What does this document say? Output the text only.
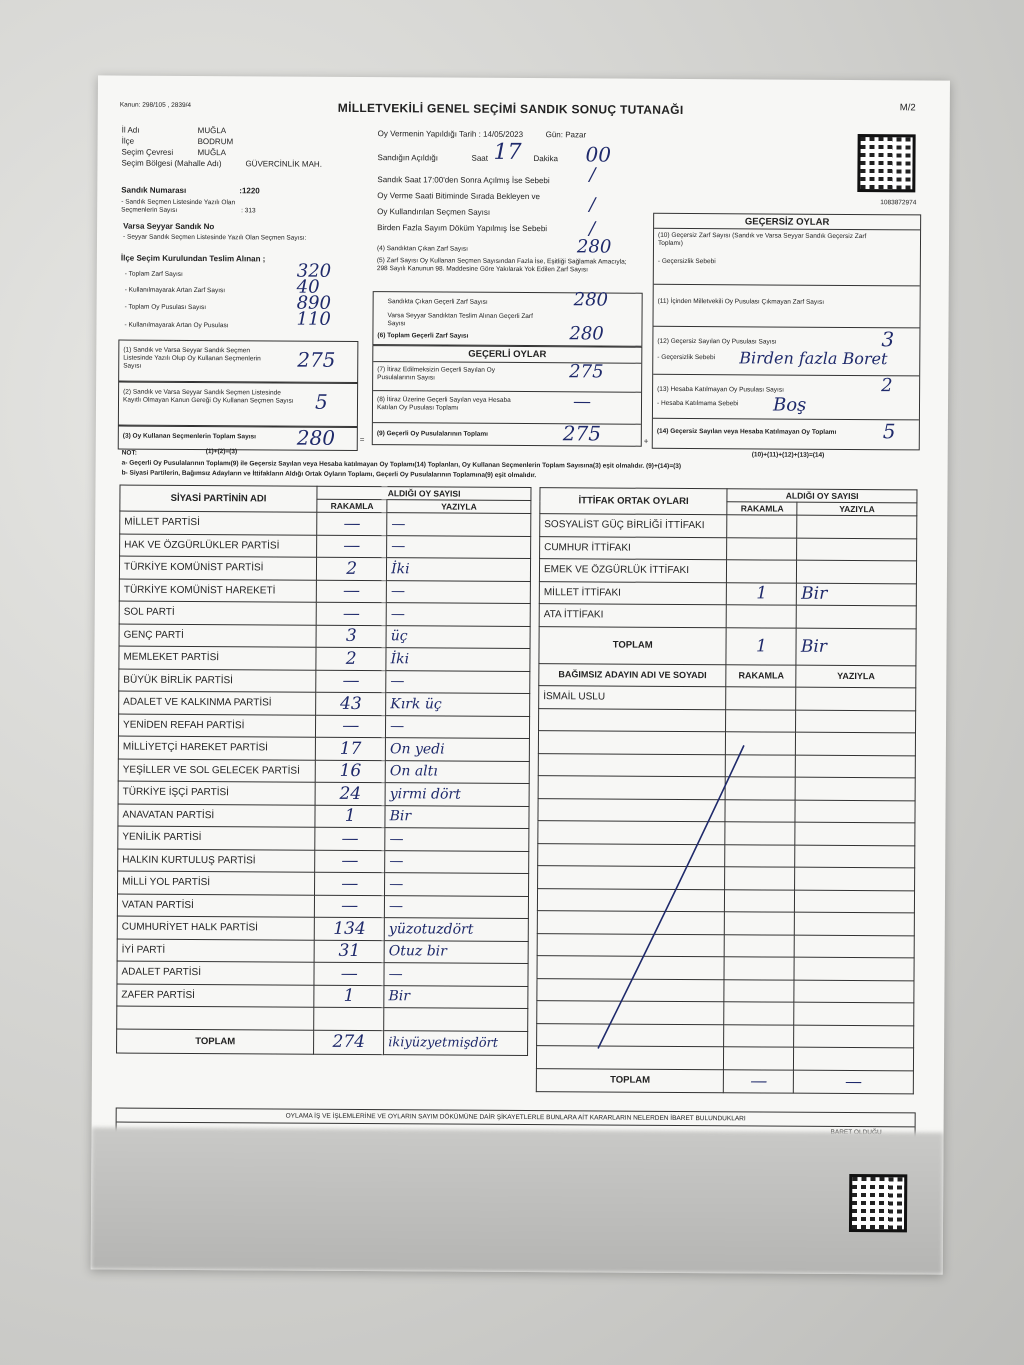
Kanun: 298/105 , 2839/4	MİLLETVEKİLİ GENEL SEÇİMİ SANDIK SONUÇ TUTANAĞI	M/2
1083872974
İl Adı	MUĞLA
İlçe	BODRUM
Seçim Çevresi	MUĞLA
Seçim Bölgesi (Mahalle Adı)	GÜVERCİNLİK MAH.
Sandık Numarası	:1220
- Sandık Seçmen Listesinde Yazılı Olan Seçmenlerin Sayısı	: 313
Varsa Seyyar Sandık No
- Seyyar Sandık Seçmen Listesinde Yazılı Olan Seçmen Sayısı:
Oy Vermenin Yapıldığı Tarih : 14/05/2023	Gün: Pazar
Sandığın Açıldığı	Saat 17 Dakika 00
Sandık Saat 17:00'den Sonra Açılmış İse Sebebi /
Oy Verme Saati Bitiminde Sırada Bekleyen ve
Oy Kullandırılan Seçmen Sayısı	/
Birden Fazla Sayım Döküm Yapılmış İse Sebebi /
İlçe Seçim Kurulundan Teslim Alınan ;
- Toplam Zarf Sayısı	320
- Kullanılmayarak Artan Zarf Sayısı	40
- Toplam Oy Pusulası Sayısı	890
- Kullanılmayarak Artan Oy Pusulası	110
(1) Sandık ve Varsa Seyyar Sandık Seçmen Listesinde Yazılı Olup Oy Kullanan Seçmenlerin Sayısı	275
(2) Sandık ve Varsa Seyyar Sandık Seçmen Listesinde Kayıtlı Olmayan Kanun Gereği Oy Kullanan Seçmen Sayısı 5
(3) Oy Kullanan Seçmenlerin Toplam Sayısı 280	=
NOT:	(1)+(2)=(3)
(4) Sandıktan Çıkan Zarf Sayısı	280
(5) Zarf Sayısı Oy Kullanan Seçmen Sayısından Fazla İse, Eşitliği Sağlamak Amacıyla; 298 Sayılı Kanunun 98. Maddesine Göre Yakılarak Yok Edilen Zarf Sayısı
Sandıkta Çıkan Geçerli Zarf Sayısı	280
Varsa Seyyar Sandıktan Teslim Alınan Geçerli Zarf Sayısı
(6) Toplam Geçerli Zarf Sayısı	280
GEÇERLİ OYLAR
(7) İtiraz Edilmeksizin Geçerli Sayılan Oy Pusulalarının Sayısı	275
(8) İtiraz Üzerine Geçerli Sayılan veya Hesaba Katılan Oy Pusulası Toplamı	—
(9) Geçerli Oy Pusulalarının Toplamı	275	+
GEÇERSİZ OYLAR
(10) Geçersiz Zarf Sayısı (Sandık ve Varsa Seyyar Sandık Geçersiz Zarf Toplamı)
- Geçersizlik Sebebi
(11) İçinden Milletvekili Oy Pusulası Çıkmayan Zarf Sayısı
(12) Geçersiz Sayılan Oy Pusulası Sayısı	3
- Geçersizlik Sebebi Birden fazla Boret
(13) Hesaba Katılmayan Oy Pusulası Sayısı	2
- Hesaba Katılmama Sebebi Boş
(14) Geçersiz Sayılan veya Hesaba Katılmayan Oy Toplamı 5
(10)+(11)+(12)+(13)=(14)
a- Geçerli Oy Pusulalarının Toplamı(9) ile Geçersiz Sayılan veya Hesaba katılmayan Oy Toplamı(14) Toplanları, Oy Kullanan Seçmenlerin Toplam Sayısına(3) eşit olmalıdır. (9)+(14)=(3)
b- Siyasi Partilerin, Bağımsız Adayların ve İttifakların Aldığı Ortak Oyların Toplamı, Geçerli Oy Pusulalarının Toplamına(9) eşit olmalıdır.
SİYASİ PARTİNİN ADI	ALDIĞI OY SAYISI	
	RAKAMLA	YAZIYLA
MİLLET PARTİSİ	—	—
HAK VE ÖZGÜRLÜKLER PARTİSİ	—	—
TÜRKİYE KOMÜNİST PARTİSİ	2	İki
TÜRKİYE KOMÜNİST HAREKETİ	—	—
SOL PARTİ	—	—
GENÇ PARTİ	3	üç
MEMLEKET PARTİSİ	2	İki
BÜYÜK BİRLİK PARTİSİ	—	—
ADALET VE KALKINMA PARTİSİ	43	Kırk üç
YENİDEN REFAH PARTİSİ	—	—
MİLLİYETÇİ HAREKET PARTİSİ	17	On yedi
YEŞİLLER VE SOL GELECEK PARTİSİ	16	On altı
TÜRKİYE İŞÇİ PARTİSİ	24	yirmi dört
ANAVATAN PARTİSİ	1	Bir
YENİLİK PARTİSİ	—	—
HALKIN KURTULUŞ PARTİSİ	—	—
MİLLİ YOL PARTİSİ	—	—
VATAN PARTİSİ	—	—
CUMHURİYET HALK PARTİSİ	134	yüzotuzdört
İYİ PARTİ	31	Otuz bir
ADALET PARTİSİ	—	—
ZAFER PARTİSİ	1	Bir

TOPLAM	274	ikiyüzyetmişdört
İTTİFAK ORTAK OYLARI	ALDIĞI OY SAYISI	
	RAKAMLA	YAZIYLA
SOSYALİST GÜÇ BİRLİĞİ İTTİFAKI		
CUMHUR İTTİFAKI		
EMEK VE ÖZGÜRLÜK İTTİFAKI		
MİLLET İTTİFAKI	1	Bir
ATA İTTİFAKI		
TOPLAM	1	Bir
BAĞIMSIZ ADAYIN ADI VE SOYADI	RAKAMLA	YAZIYLA
İSMAİL USLU		

TOPLAM	—	—
OYLAMA İŞ VE İŞLEMLERİNE VE OYLARIN SAYIM DÖKÜMÜNE DAİR ŞİKAYETLERLE BUNLARA AİT KARARLARIN NELERDEN İBARET BULUNDUKLARI
